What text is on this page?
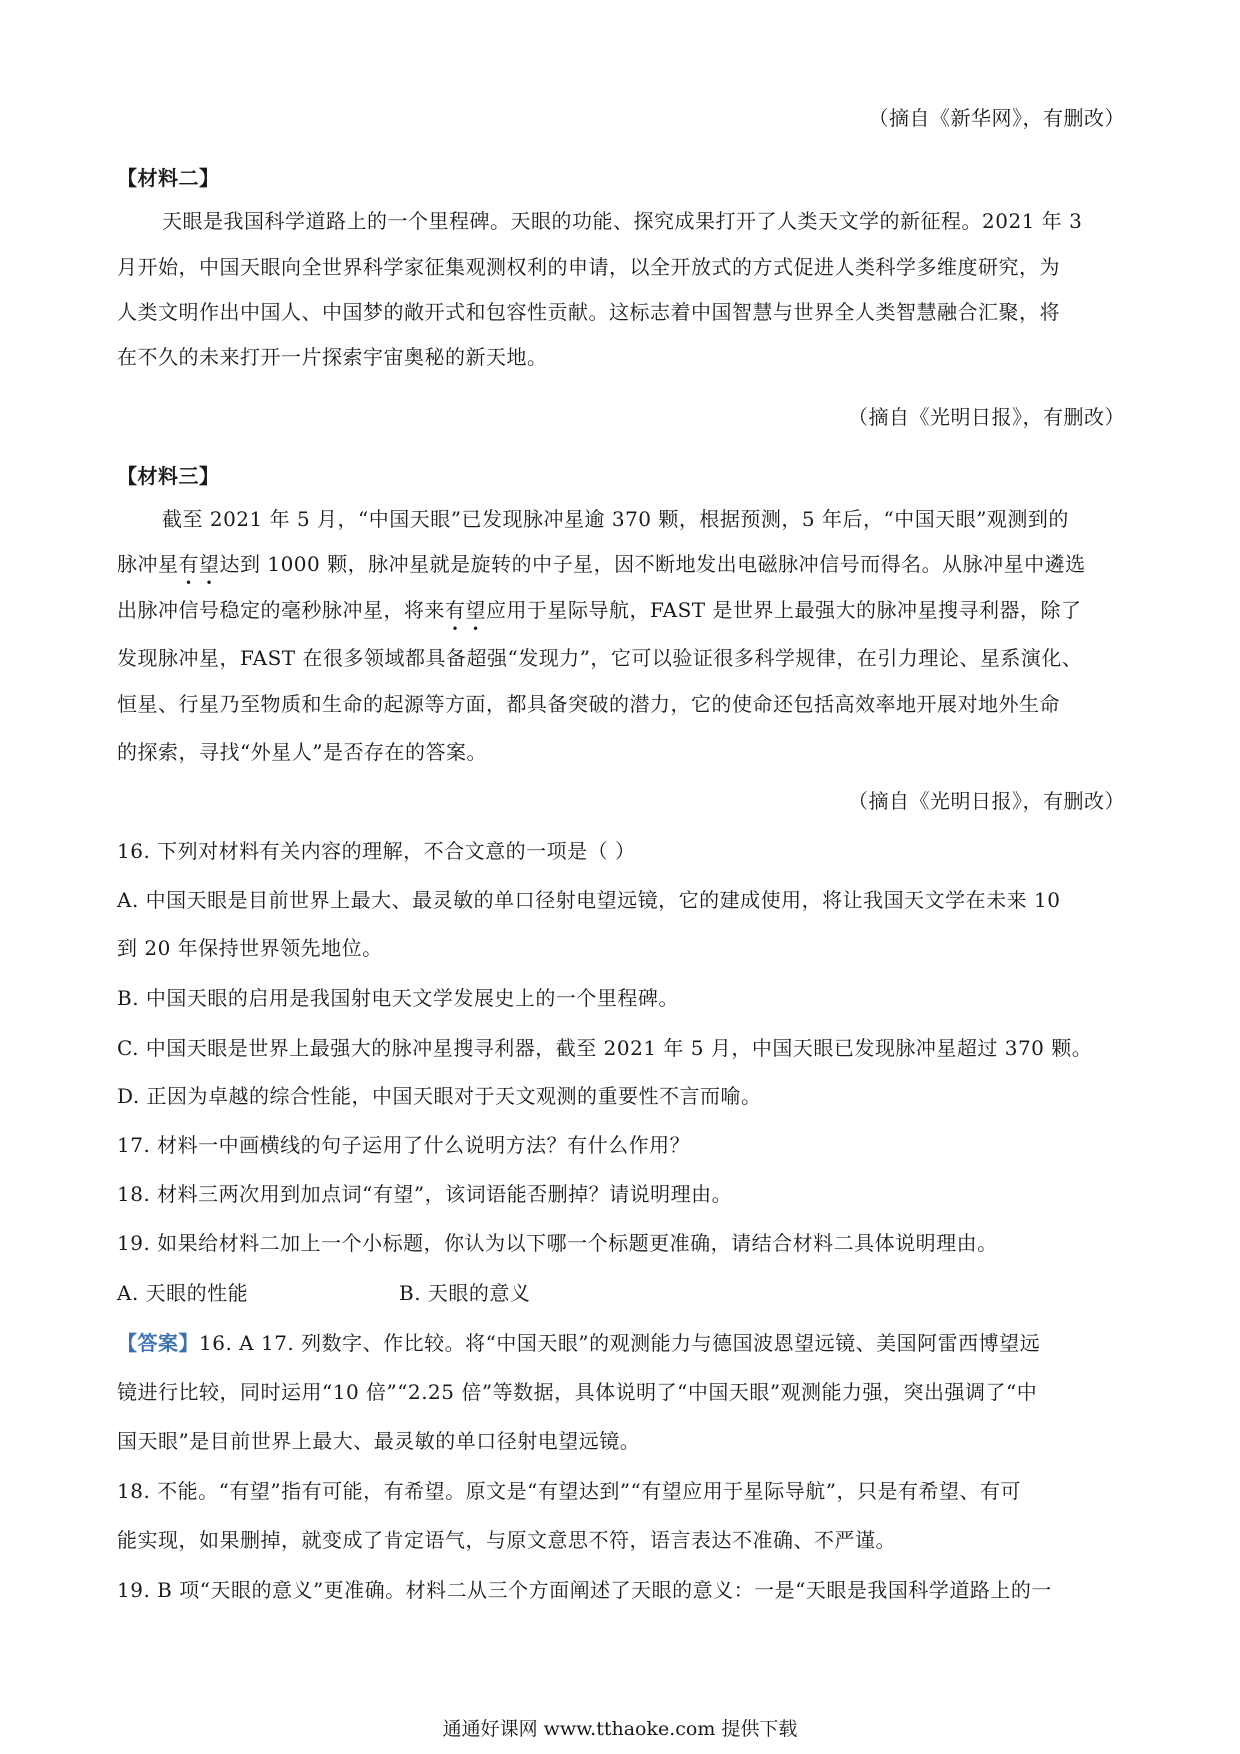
（摘自《新华网》，有删改）
【材料二】
天眼是我国科学道路上的一个里程碑。天眼的功能、探究成果打开了人类天文学的新征程。2021 年 3
月开始，中国天眼向全世界科学家征集观测权利的申请，以全开放式的方式促进人类科学多维度研究，为
人类文明作出中国人、中国梦的敞开式和包容性贡献。这标志着中国智慧与世界全人类智慧融合汇聚，将
在不久的未来打开一片探索宇宙奥秘的新天地。
（摘自《光明日报》，有删改）
【材料三】
截至 2021 年 5 月，“中国天眼”已发现脉冲星逾 370 颗，根据预测，5 年后，“中国天眼”观测到的
脉冲星有望达到 1000 颗，脉冲星就是旋转的中子星，因不断地发出电磁脉冲信号而得名。从脉冲星中遴选
出脉冲信号稳定的毫秒脉冲星，将来有望应用于星际导航，FAST 是世界上最强大的脉冲星搜寻利器，除了
发现脉冲星，FAST 在很多领域都具备超强“发现力”，它可以验证很多科学规律，在引力理论、星系演化、
恒星、行星乃至物质和生命的起源等方面，都具备突破的潜力，它的使命还包括高效率地开展对地外生命
的探索，寻找“外星人”是否存在的答案。
（摘自《光明日报》，有删改）
16. 下列对材料有关内容的理解，不合文意的一项是（ ）
A. 中国天眼是目前世界上最大、最灵敏的单口径射电望远镜，它的建成使用，将让我国天文学在未来 10
到 20 年保持世界领先地位。
B. 中国天眼的启用是我国射电天文学发展史上的一个里程碑。
C. 中国天眼是世界上最强大的脉冲星搜寻利器，截至 2021 年 5 月，中国天眼已发现脉冲星超过 370 颗。
D. 正因为卓越的综合性能，中国天眼对于天文观测的重要性不言而喻。
17. 材料一中画横线的句子运用了什么说明方法？有什么作用？
18. 材料三两次用到加点词“有望”，该词语能否删掉？请说明理由。
19. 如果给材料二加上一个小标题，你认为以下哪一个标题更准确，请结合材料二具体说明理由。
A. 天眼的性能	B. 天眼的意义
【答案】16. A 17. 列数字、作比较。将“中国天眼”的观测能力与德国波恩望远镜、美国阿雷西博望远
镜进行比较，同时运用“10 倍”“2.25 倍”等数据，具体说明了“中国天眼”观测能力强，突出强调了“中
国天眼”是目前世界上最大、最灵敏的单口径射电望远镜。
18. 不能。“有望”指有可能，有希望。原文是“有望达到”“有望应用于星际导航”，只是有希望、有可
能实现，如果删掉，就变成了肯定语气，与原文意思不符，语言表达不准确、不严谨。
19. B 项“天眼的意义”更准确。材料二从三个方面阐述了天眼的意义：一是“天眼是我国科学道路上的一
通通好课网 www.tthaoke.com 提供下载
